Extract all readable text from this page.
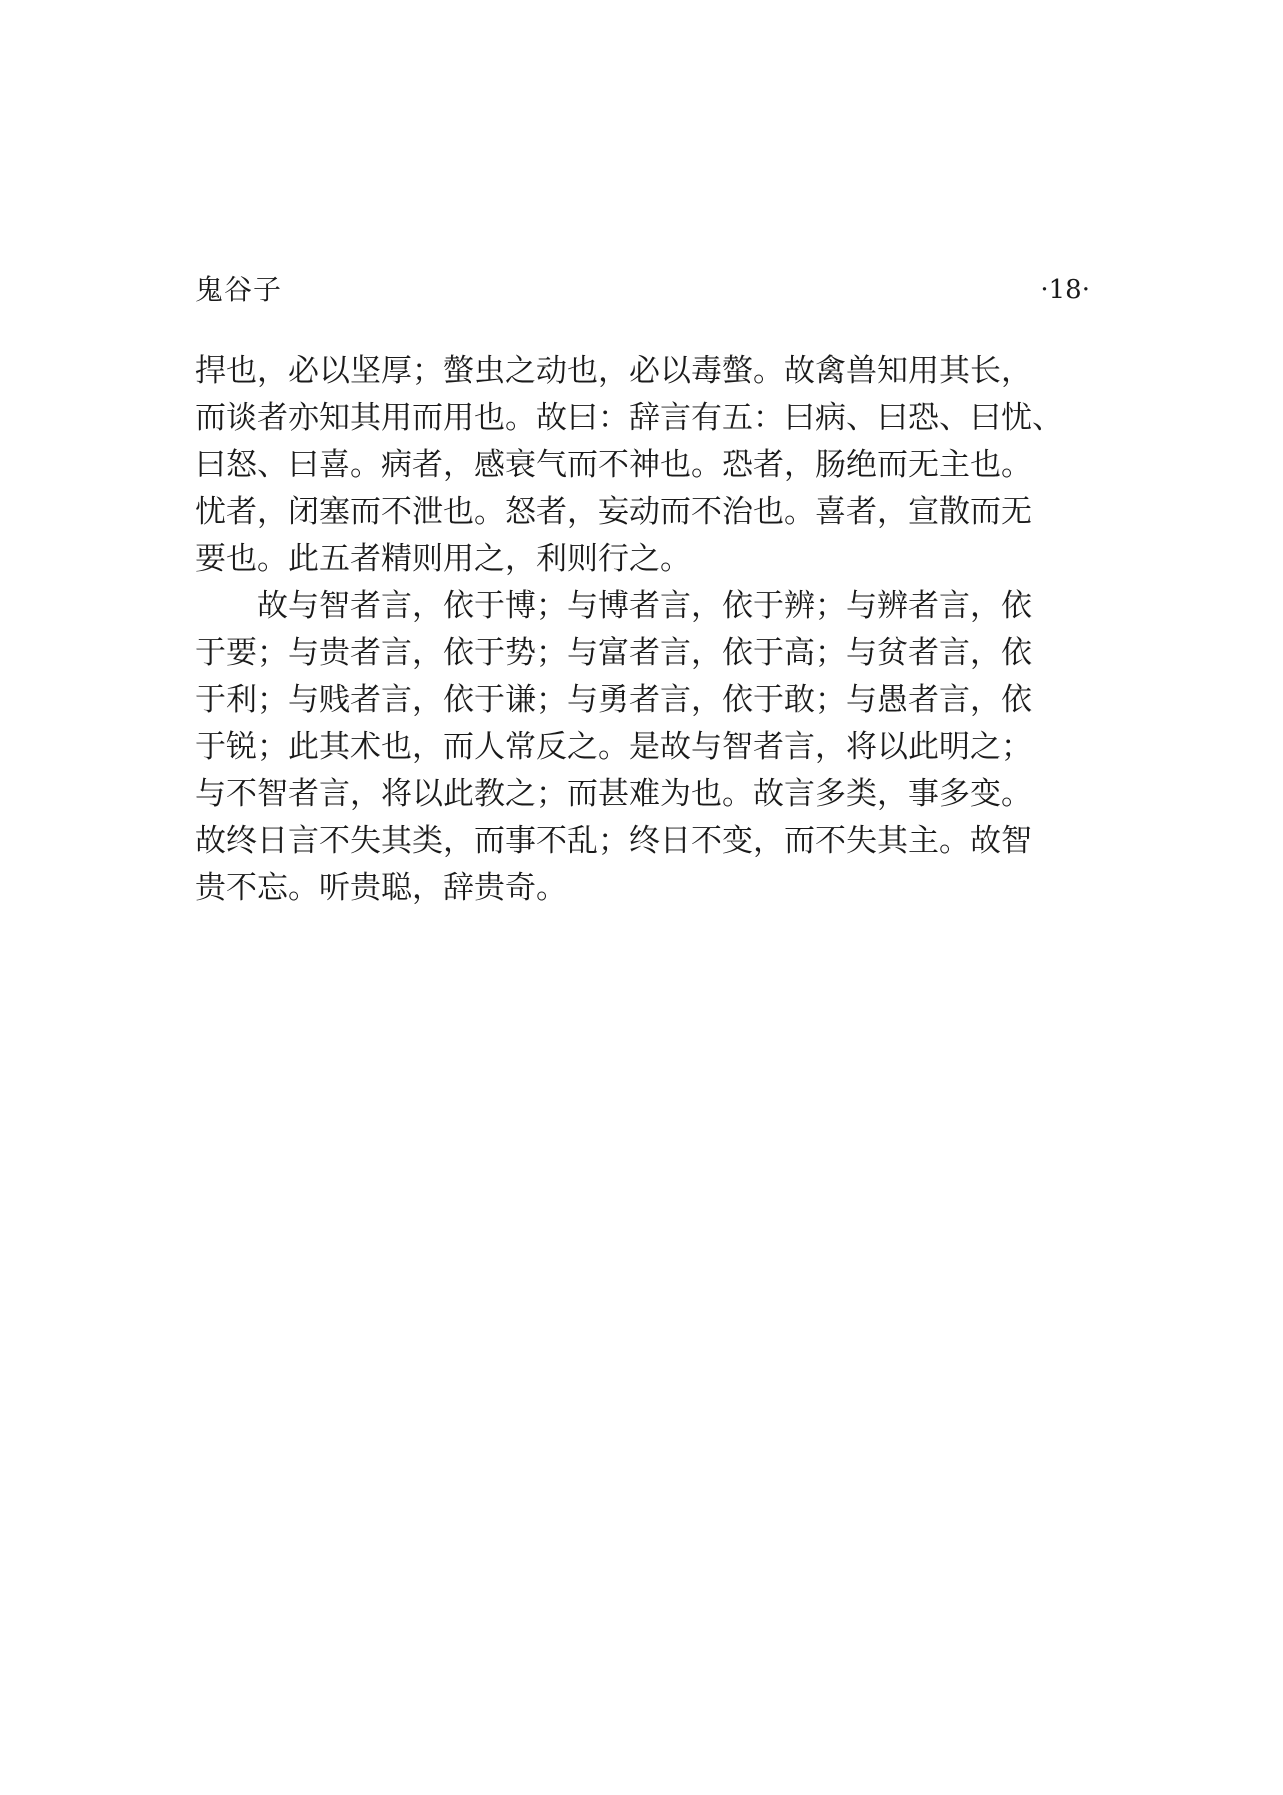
鬼谷子	·18·
捍也，必以坚厚；螫虫之动也，必以毒螫。故禽兽知用其长，
而谈者亦知其用而用也。故曰：辞言有五：曰病、曰恐、曰忧、
曰怒、曰喜。病者，感衰气而不神也。恐者，肠绝而无主也。
忧者，闭塞而不泄也。怒者，妄动而不治也。喜者，宣散而无
要也。此五者精则用之，利则行之。
　　故与智者言，依于博；与博者言，依于辨；与辨者言，依
于要；与贵者言，依于势；与富者言，依于高；与贫者言，依
于利；与贱者言，依于谦；与勇者言，依于敢；与愚者言，依
于锐；此其术也，而人常反之。是故与智者言，将以此明之；
与不智者言，将以此教之；而甚难为也。故言多类，事多变。
故终日言不失其类，而事不乱；终日不变，而不失其主。故智
贵不忘。听贵聪，辞贵奇。
